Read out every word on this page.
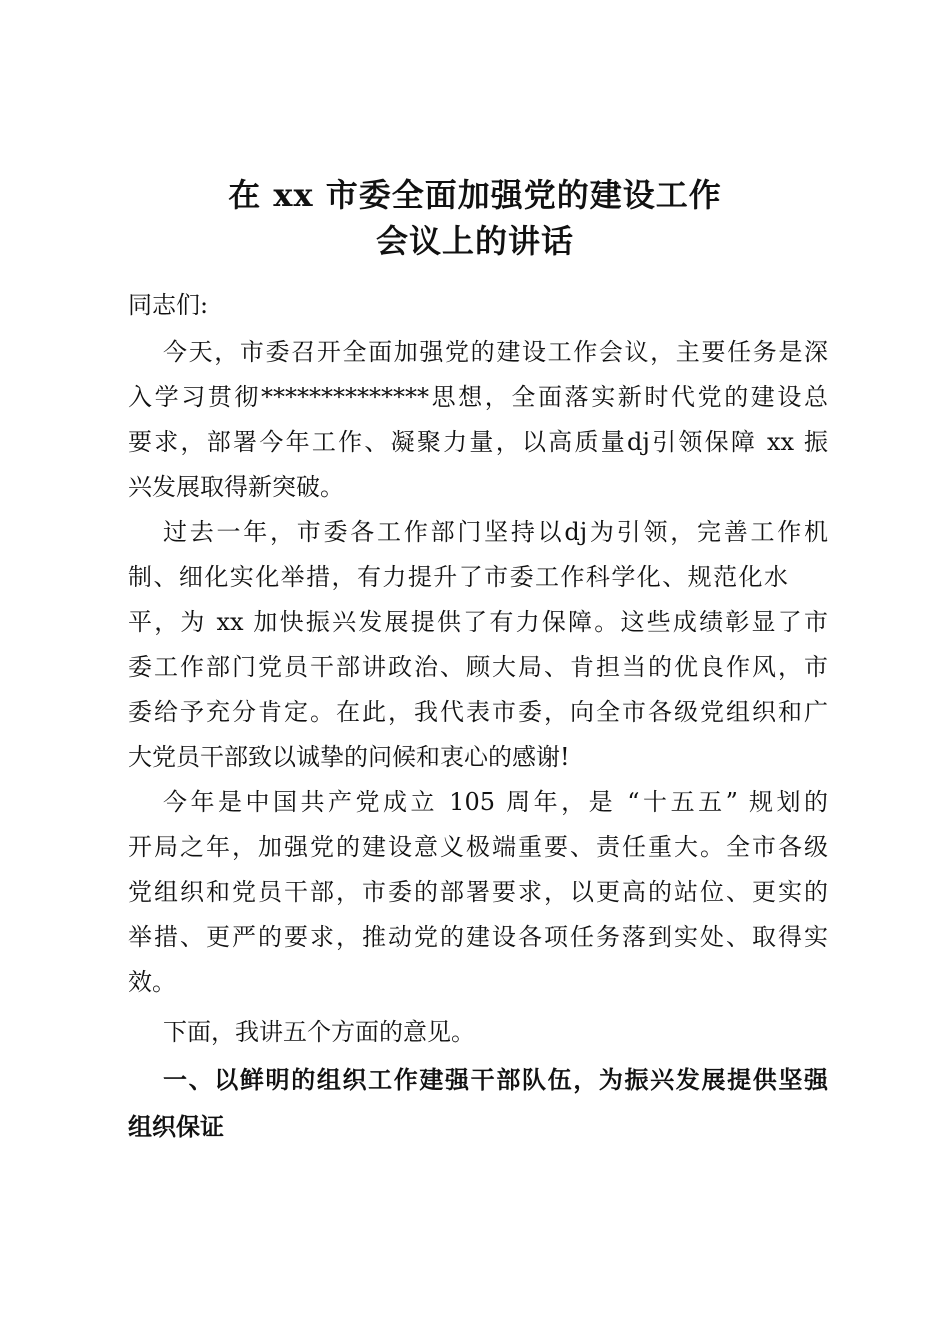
在 xx 市委全面加强党的建设工作
会议上的讲话
同志们:
今天，市委召开全面加强党的建设工作会议，主要任务是深
入学习贯彻**************思想，全面落实新时代党的建设总
要求，部署今年工作、凝聚力量，以高质量dj引领保障 xx 振
兴发展取得新突破。
过去一年，市委各工作部门坚持以dj为引领，完善工作机
制、细化实化举措，有力提升了市委工作科学化、规范化水
平，为 xx 加快振兴发展提供了有力保障。这些成绩彰显了市
委工作部门党员干部讲政治、顾大局、肯担当的优良作风，市
委给予充分肯定。在此，我代表市委，向全市各级党组织和广
大党员干部致以诚挚的问候和衷心的感谢!
今年是中国共产党成立 105 周年，是 “十五五” 规划的
开局之年，加强党的建设意义极端重要、责任重大。全市各级
党组织和党员干部，市委的部署要求，以更高的站位、更实的
举措、更严的要求，推动党的建设各项任务落到实处、取得实
效。
下面，我讲五个方面的意见。
一、以鲜明的组织工作建强干部队伍，为振兴发展提供坚强
组织保证
